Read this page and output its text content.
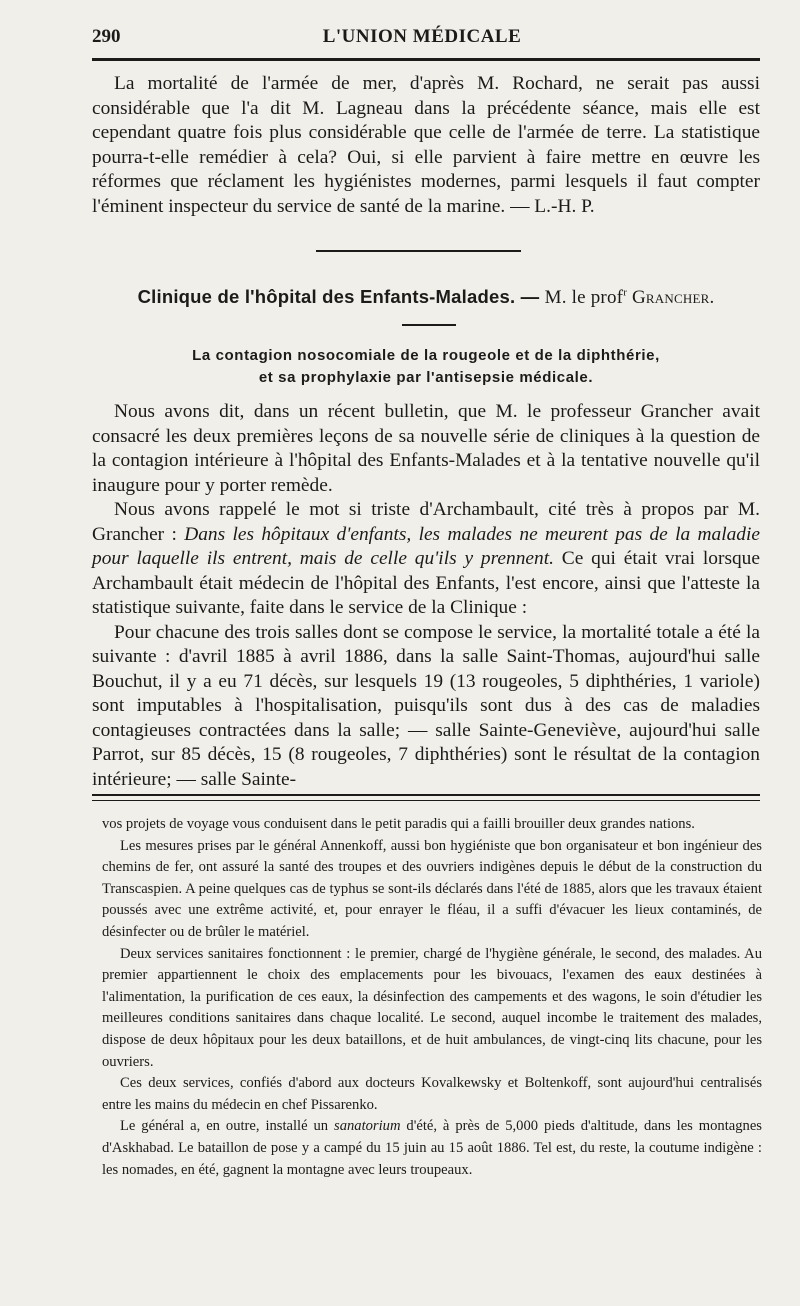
290	L'UNION MÉDICALE

La mortalité de l'armée de mer, d'après M. Rochard, ne serait pas aussi considérable que l'a dit M. Lagneau dans la précédente séance, mais elle est cependant quatre fois plus considérable que celle de l'armée de terre. La statistique pourra-t-elle remédier à cela? Oui, si elle parvient à faire mettre en œuvre les réformes que réclament les hygiénistes modernes, parmi lesquels il faut compter l'éminent inspecteur du service de santé de la marine. — L.-H. P.

Clinique de l'hôpital des Enfants-Malades. — M. le prof$^r$ Grancher.
La contagion nosocomiale de la rougeole et de la diphthérie,
et sa prophylaxie par l'antisepsie médicale.

Nous avons dit, dans un récent bulletin, que M. le professeur Grancher avait consacré les deux premières leçons de sa nouvelle série de cliniques à la question de la contagion intérieure à l'hôpital des Enfants-Malades et à la tentative nouvelle qu'il inaugure pour y porter remède.

Nous avons rappelé le mot si triste d'Archambault, cité très à propos par M. Grancher : Dans les hôpitaux d'enfants, les malades ne meurent pas de la maladie pour laquelle ils entrent, mais de celle qu'ils y prennent. Ce qui était vrai lorsque Archambault était médecin de l'hôpital des Enfants, l'est encore, ainsi que l'atteste la statistique suivante, faite dans le service de la Clinique :

Pour chacune des trois salles dont se compose le service, la mortalité totale a été la suivante : d'avril 1885 à avril 1886, dans la salle Saint-Thomas, aujourd'hui salle Bouchut, il y a eu 71 décès, sur lesquels 19 (13 rougeoles, 5 diphthéries, 1 variole) sont imputables à l'hospitalisation, puisqu'ils sont dus à des cas de maladies contagieuses contractées dans la salle; — salle Sainte-Geneviève, aujourd'hui salle Parrot, sur 85 décès, 15 (8 rougeoles, 7 diphthéries) sont le résultat de la contagion intérieure; — salle Sainte-

vos projets de voyage vous conduisent dans le petit paradis qui a failli brouiller deux grandes nations.

Les mesures prises par le général Annenkoff, aussi bon hygiéniste que bon organisateur et bon ingénieur des chemins de fer, ont assuré la santé des troupes et des ouvriers indigènes depuis le début de la construction du Transcaspien. A peine quelques cas de typhus se sont-ils déclarés dans l'été de 1885, alors que les travaux étaient poussés avec une extrême activité, et, pour enrayer le fléau, il a suffi d'évacuer les lieux contaminés, de désinfecter ou de brûler le matériel.

Deux services sanitaires fonctionnent : le premier, chargé de l'hygiène générale, le second, des malades. Au premier appartiennent le choix des emplacements pour les bivouacs, l'examen des eaux destinées à l'alimentation, la purification de ces eaux, la désinfection des campements et des wagons, le soin d'étudier les meilleures conditions sanitaires dans chaque localité. Le second, auquel incombe le traitement des malades, dispose de deux hôpitaux pour les deux bataillons, et de huit ambulances, de vingt-cinq lits chacune, pour les ouvriers.

Ces deux services, confiés d'abord aux docteurs Kovalkewsky et Boltenkoff, sont aujourd'hui centralisés entre les mains du médecin en chef Pissarenko.

Le général a, en outre, installé un sanatorium d'été, à près de 5,000 pieds d'altitude, dans les montagnes d'Askhabad. Le bataillon de pose y a campé du 15 juin au 15 août 1886. Tel est, du reste, la coutume indigène : les nomades, en été, gagnent la montagne avec leurs troupeaux.
